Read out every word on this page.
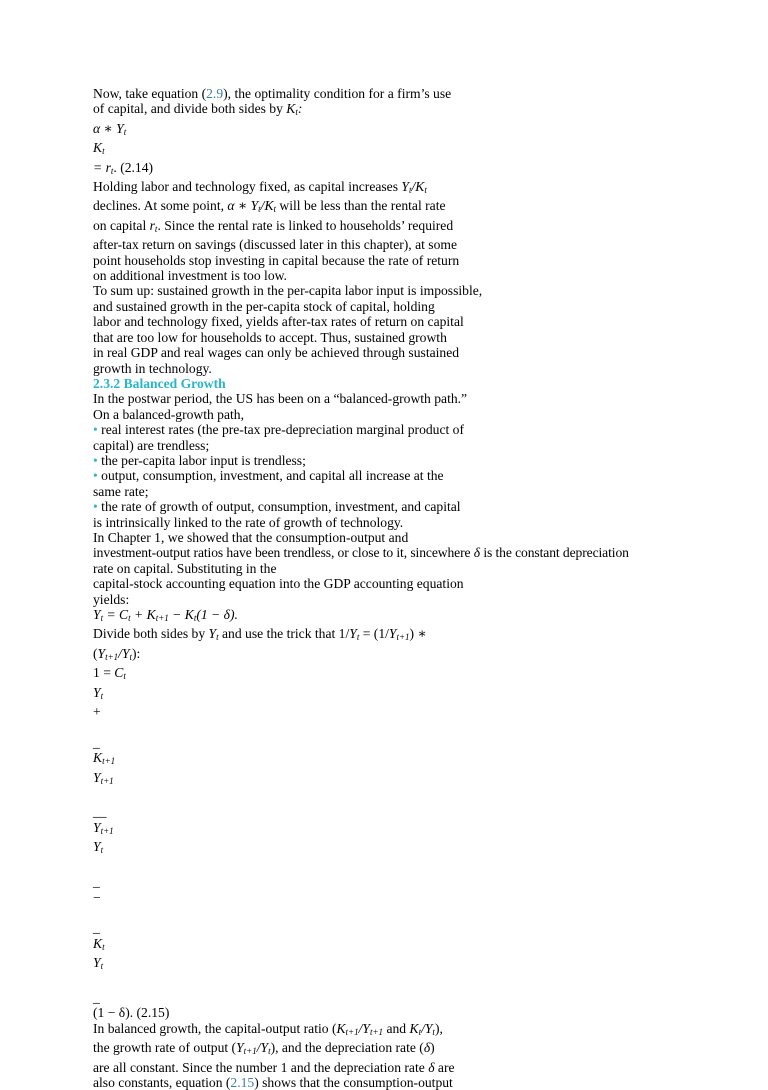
Now, take equation (2.9), the optimality condition for a firm’s use
of capital, and divide both sides by $K_t$:
α ∗ $Y_t$
$K_t$
= $r_t$. (2.14)
Holding labor and technology fixed, as capital increases $Y_t/K_t$
declines. At some point, α ∗ $Y_t/K_t$ will be less than the rental rate
on capital $r_t$. Since the rental rate is linked to households’ required
after-tax return on savings (discussed later in this chapter), at some
point households stop investing in capital because the rate of return
on additional investment is too low.
To sum up: sustained growth in the per-capita labor input is impossible,
and sustained growth in the per-capita stock of capital, holding
labor and technology fixed, yields after-tax rates of return on capital
that are too low for households to accept. Thus, sustained growth
in real GDP and real wages can only be achieved through sustained
growth in technology.
2.3.2 Balanced Growth
In the postwar period, the US has been on a “balanced-growth path.”
On a balanced-growth path,
• real interest rates (the pre-tax pre-depreciation marginal product of
capital) are trendless;
• the per-capita labor input is trendless;
• output, consumption, investment, and capital all increase at the
same rate;
• the rate of growth of output, consumption, investment, and capital
is intrinsically linked to the rate of growth of technology.
In Chapter 1, we showed that the consumption-output and
investment-output ratios have been trendless, or close to it, sincewhere δ is the constant depreciation
rate on capital. Substituting in the
capital-stock accounting equation into the GDP accounting equation
yields:
$Y_t = C_t + K_{t+1} - K_t(1 - \delta)$.
Divide both sides by $Y_t$ and use the trick that $1/Y_t = (1/Y_{t+1})$ ∗
$(Y_{t+1}/Y_t)$:
$1 = C_t$
$Y_t$
+

_
$K_{t+1}$
$Y_{t+1}$

__
$Y_{t+1}$
$Y_t$

_
−

_
$K_t$
$Y_t$

_
(1 − δ). (2.15)
In balanced growth, the capital-output ratio ($K_{t+1}/Y_{t+1}$ and $K_t/Y_t$),
the growth rate of output $(Y_{t+1}/Y_t)$, and the depreciation rate (δ)
are all constant. Since the number 1 and the depreciation rate δ are
also constants, equation (2.15) shows that the consumption-output
